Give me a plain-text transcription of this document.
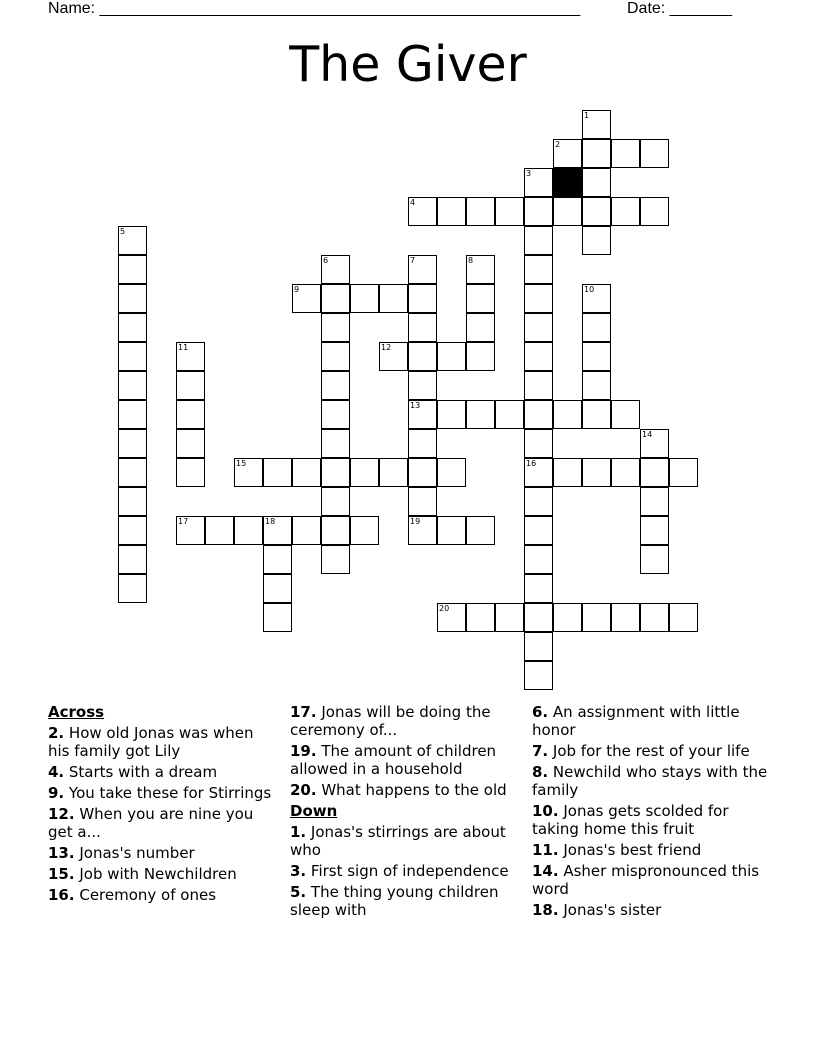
Name: ______________________________________________________	Date: _______
The Giver
1
2
3
16
4
5
6	7
13
19
8
9	10
11	12
14
15
17	18
20
Across
2. How old Jonas was when his family got Lily
4. Starts with a dream
9. You take these for Stirrings
12. When you are nine you get a...
13. Jonas's number
15. Job with Newchildren
16. Ceremony of ones
17. Jonas will be doing the ceremony of...
19. The amount of children allowed in a household
20. What happens to the old
Down
1. Jonas's stirrings are about who
3. First sign of independence
5. The thing young children sleep with
6. An assignment with little honor
7. Job for the rest of your life
8. Newchild who stays with the family
10. Jonas gets scolded for taking home this fruit
11. Jonas's best friend
14. Asher mispronounced this word
18. Jonas's sister
